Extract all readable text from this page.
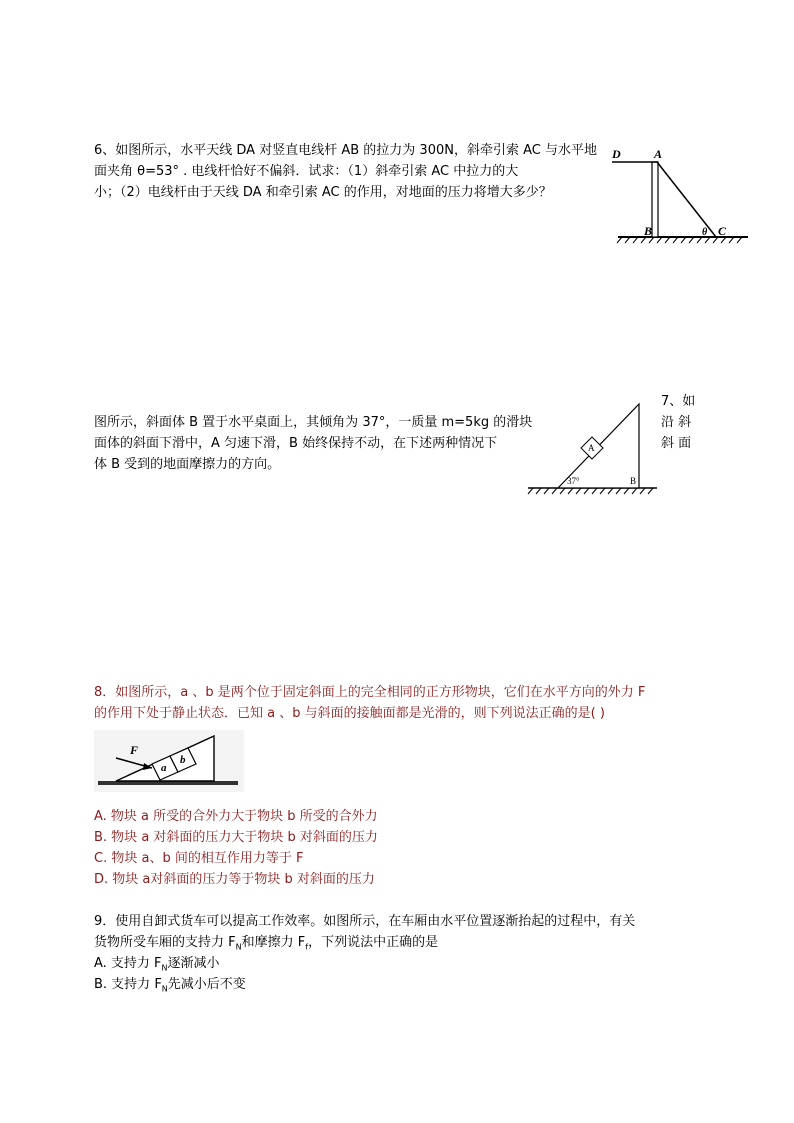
6、如图所示，水平天线 DA 对竖直电线杆 AB 的拉力为 300N，斜牵引索 AC 与水平地
面夹角 θ=53° . 电线杆恰好不偏斜．试求：（1）斜牵引索 AC 中拉力的大
小；（2）电线杆由于天线 DA 和牵引索 AC 的作用，对地面的压力将增大多少？
D	A
B	θ C
7、如
沿 斜
斜 面
图所示，斜面体 B 置于水平桌面上，其倾角为 37°，一质量 m=5kg 的滑块
面体的斜面下滑中，A 匀速下滑，B 始终保持不动，在下述两种情况下
体 B 受到的地面摩擦力的方向。
A
37°	B
8．如图所示，a 、b 是两个位于固定斜面上的完全相同的正方形物块，它们在水平方向的外力 F
的作用下处于静止状态．已知 a 、b 与斜面的接触面都是光滑的，则下列说法正确的是( )
F
a
b
A. 物块 a 所受的合外力大于物块 b 所受的合外力
B. 物块 a 对斜面的压力大于物块 b 对斜面的压力
C. 物块 a、b 间的相互作用力等于 F
D. 物块 a对斜面的压力等于物块 b 对斜面的压力
9．使用自卸式货车可以提高工作效率。如图所示，在车厢由水平位置逐渐抬起的过程中，有关
货物所受车厢的支持力 $F_N$和摩擦力 $F_f$，下列说法中正确的是
A. 支持力 $F_N$逐渐减小
B. 支持力 $F_N$先减小后不变
